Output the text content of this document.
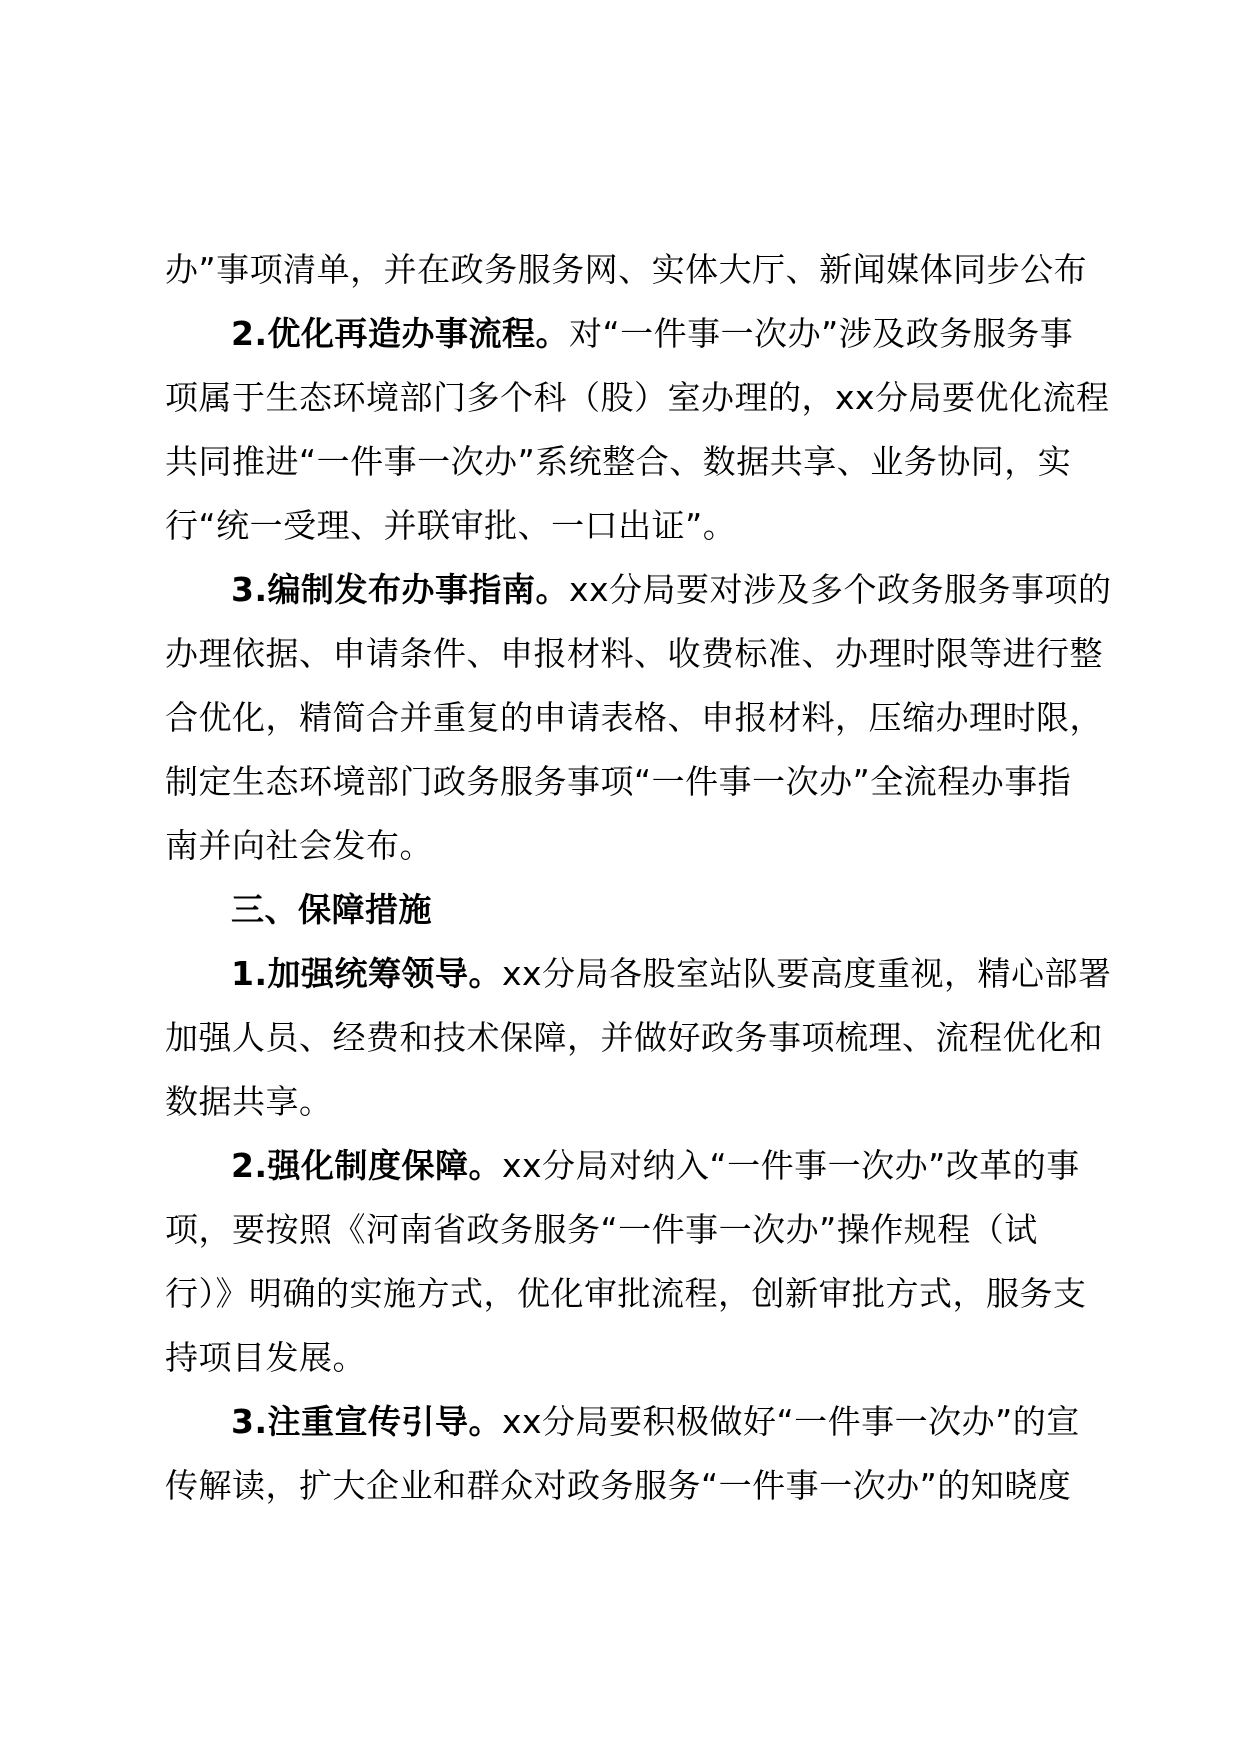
办”事项清单，并在政务服务网、实体大厅、新闻媒体同步公布
2.优化再造办事流程。对“一件事一次办”涉及政务服务事
项属于生态环境部门多个科（股）室办理的，xx分局要优化流程
共同推进“一件事一次办”系统整合、数据共享、业务协同，实
行“统一受理、并联审批、一口出证”。
3.编制发布办事指南。xx分局要对涉及多个政务服务事项的
办理依据、申请条件、申报材料、收费标准、办理时限等进行整
合优化，精简合并重复的申请表格、申报材料，压缩办理时限，
制定生态环境部门政务服务事项“一件事一次办”全流程办事指
南并向社会发布。
三、保障措施
1.加强统筹领导。xx分局各股室站队要高度重视，精心部署
加强人员、经费和技术保障，并做好政务事项梳理、流程优化和
数据共享。
2.强化制度保障。xx分局对纳入“一件事一次办”改革的事
项，要按照《河南省政务服务“一件事一次办”操作规程（试
行）》明确的实施方式，优化审批流程，创新审批方式，服务支
持项目发展。
3.注重宣传引导。xx分局要积极做好“一件事一次办”的宣
传解读，扩大企业和群众对政务服务“一件事一次办”的知晓度
